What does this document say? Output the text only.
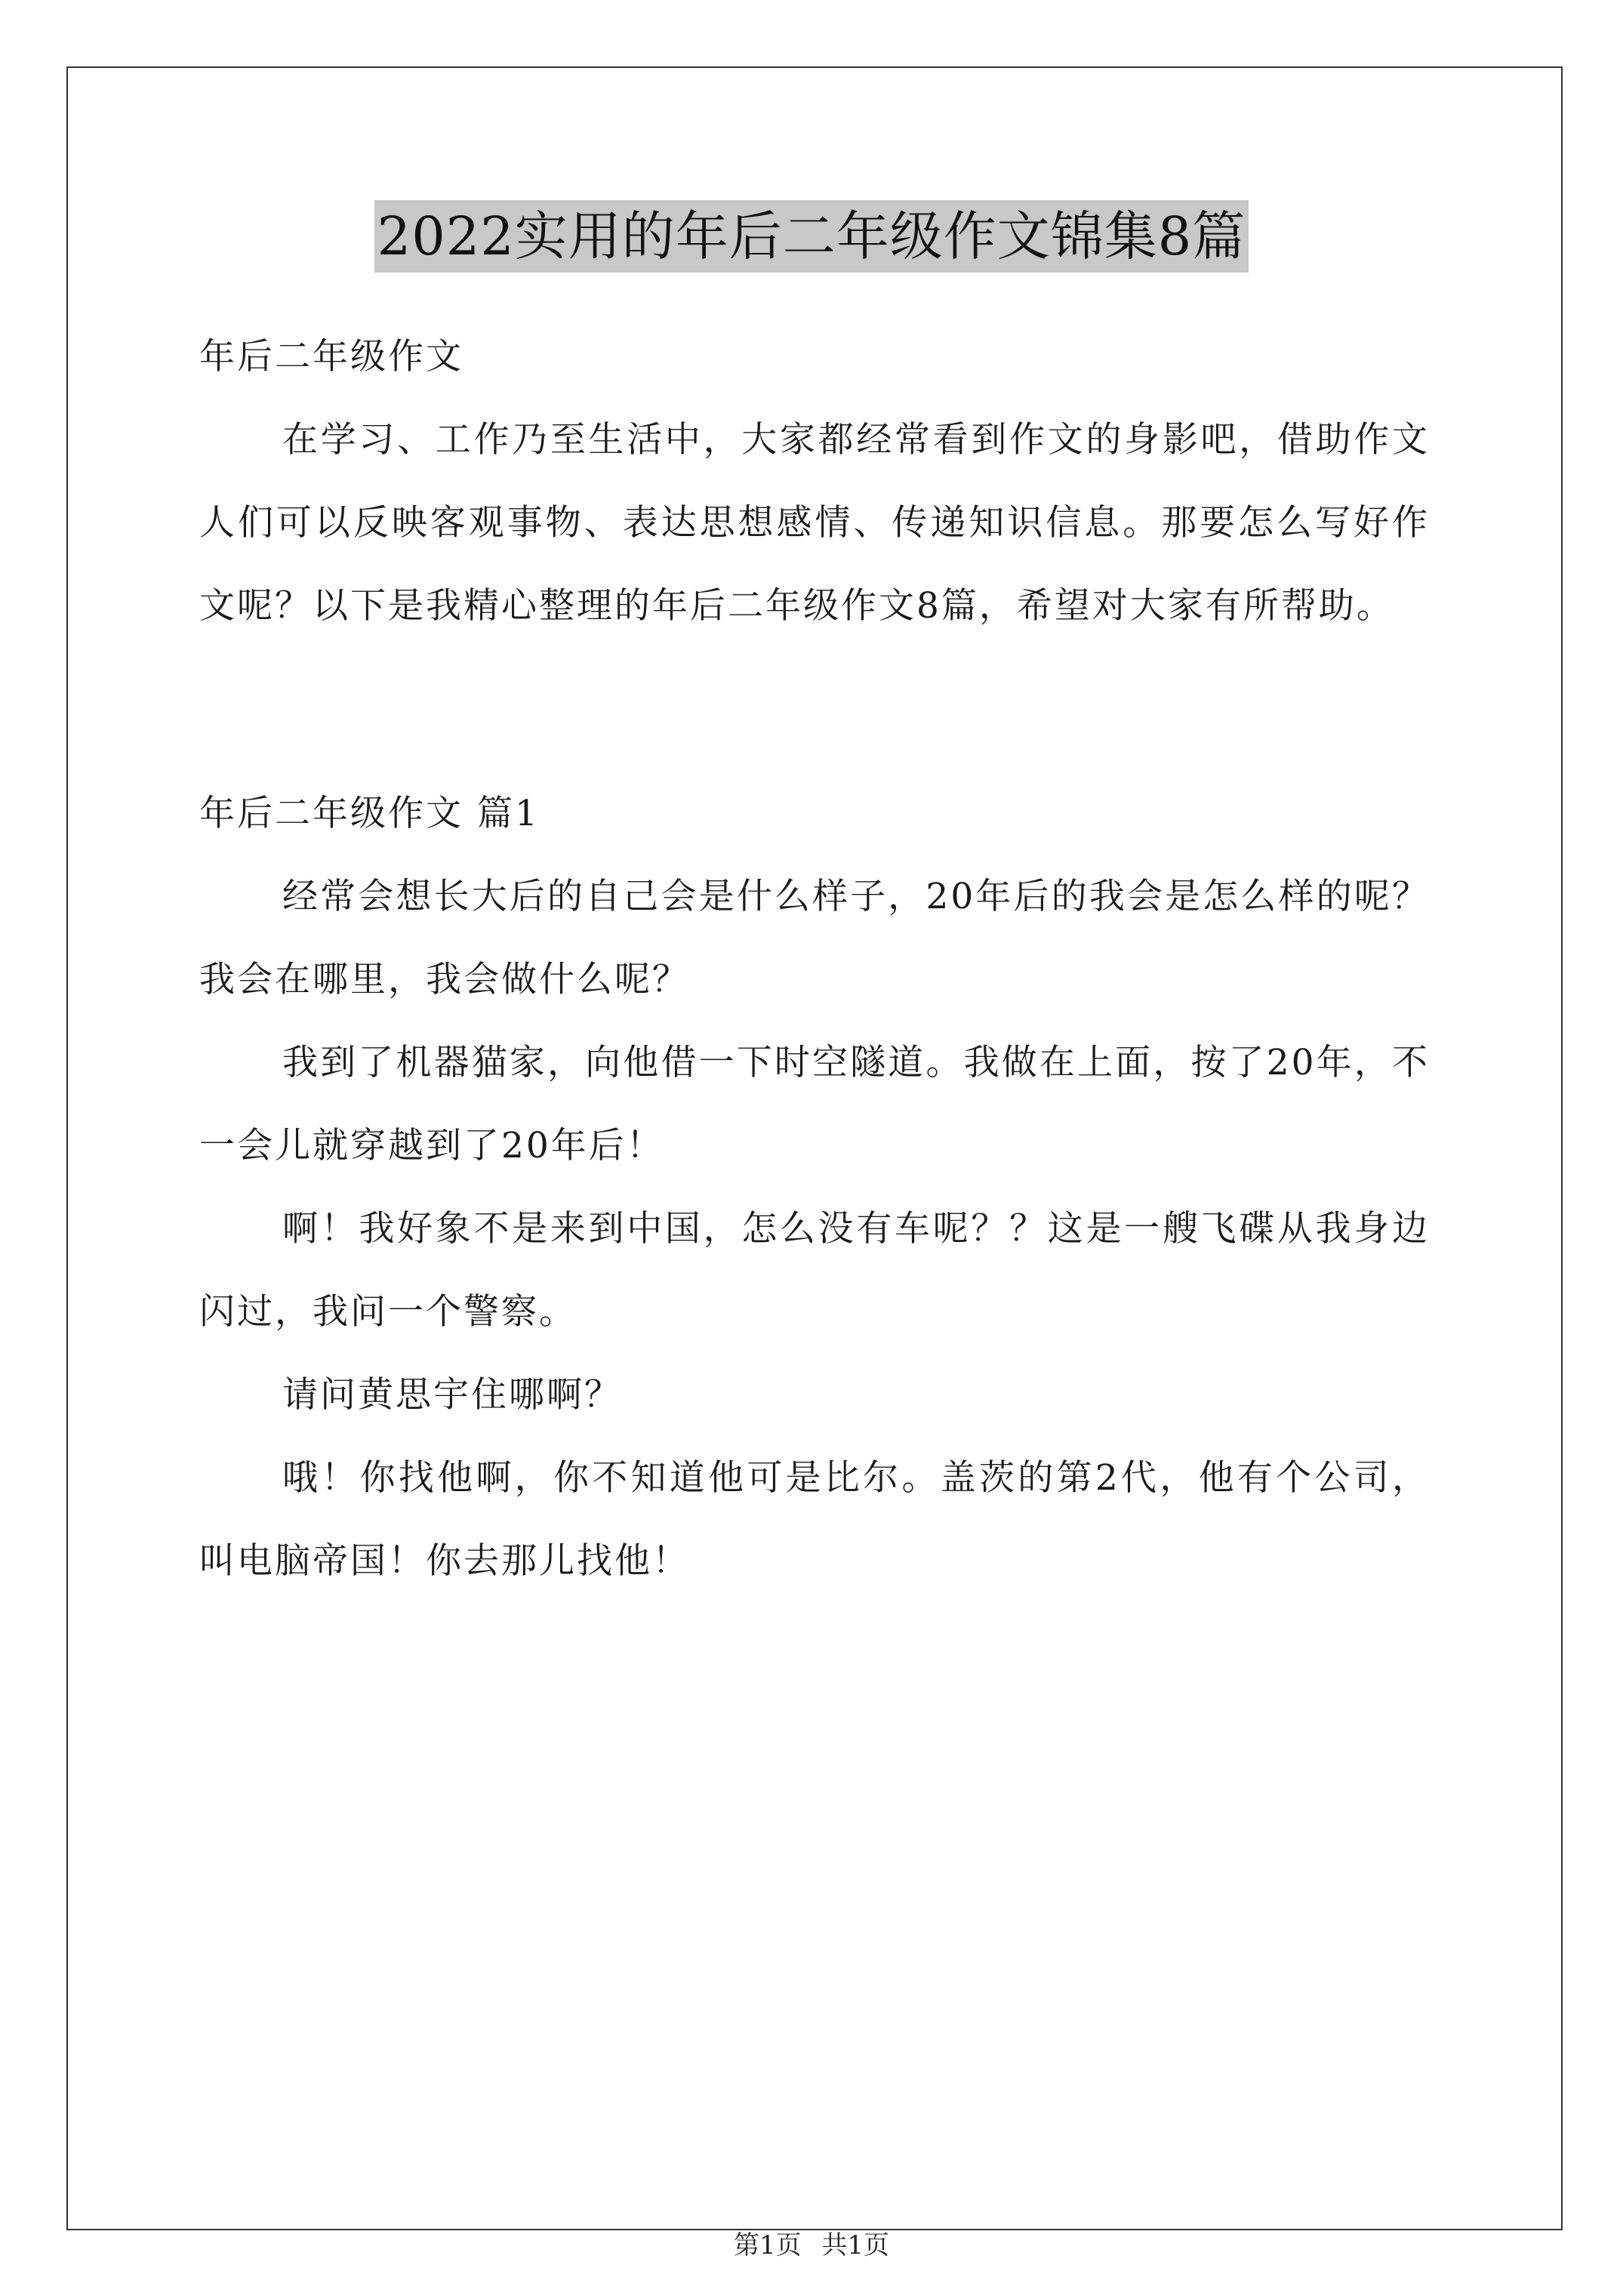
2022实用的年后二年级作文锦集8篇

年后二年级作文

在学习、工作乃至生活中，大家都经常看到作文的身影吧，借助作文人们可以反映客观事物、表达思想感情、传递知识信息。那要怎么写好作文呢？以下是我精心整理的年后二年级作文8篇，希望对大家有所帮助。

年后二年级作文 篇1

经常会想长大后的自己会是什么样子，20年后的我会是怎么样的呢？我会在哪里，我会做什么呢？

我到了机器猫家，向他借一下时空隧道。我做在上面，按了20年，不一会儿就穿越到了20年后！

啊！我好象不是来到中国，怎么没有车呢？？这是一艘飞碟从我身边闪过，我问一个警察。

请问黄思宇住哪啊？

哦！你找他啊，你不知道他可是比尔。盖茨的第2代，他有个公司，叫电脑帝国！你去那儿找他！

第1页 共1页
